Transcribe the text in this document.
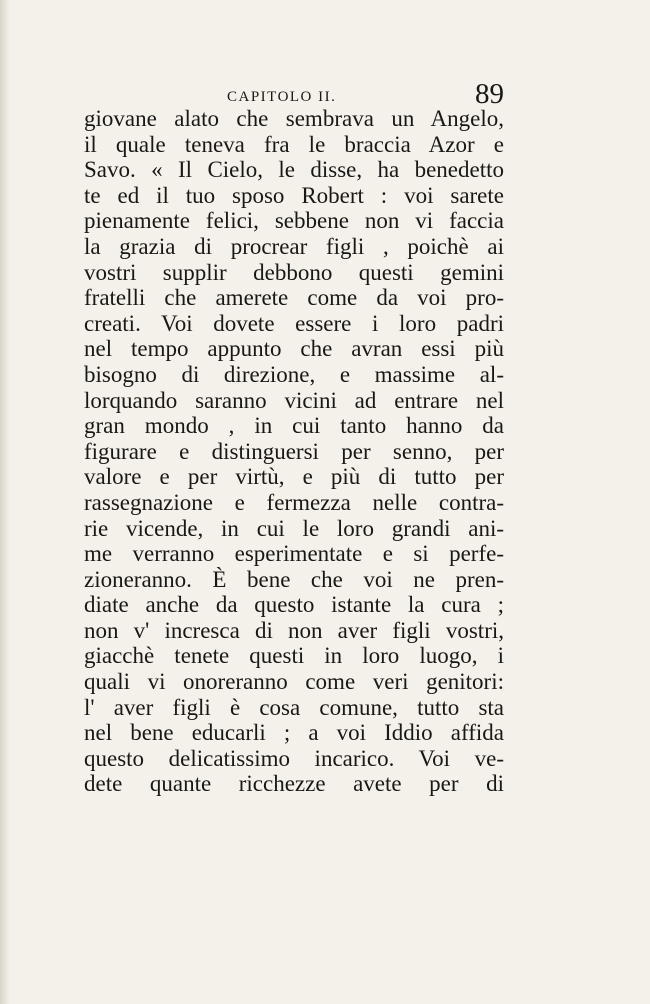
CAPITOLO II.	89
giovane alato che sembrava un Angelo,
il quale teneva fra le braccia Azor e
Savo. « Il Cielo, le disse, ha benedetto
te ed il tuo sposo Robert : voi sarete
pienamente felici, sebbene non vi faccia
la grazia di procrear figli , poichè ai
vostri supplir debbono questi gemini
fratelli che amerete come da voi pro-
creati. Voi dovete essere i loro padri
nel tempo appunto che avran essi più
bisogno di direzione, e massime al-
lorquando saranno vicini ad entrare nel
gran mondo , in cui tanto hanno da
figurare e distinguersi per senno, per
valore e per virtù, e più di tutto per
rassegnazione e fermezza nelle contra-
rie vicende, in cui le loro grandi ani-
me verranno esperimentate e si perfe-
zioneranno. È bene che voi ne pren-
diate anche da questo istante la cura ;
non v' incresca di non aver figli vostri,
giacchè tenete questi in loro luogo, i
quali vi onoreranno come veri genitori:
l' aver figli è cosa comune, tutto sta
nel bene educarli ; a voi Iddio affida
questo delicatissimo incarico. Voi ve-
dete quante ricchezze avete per di
